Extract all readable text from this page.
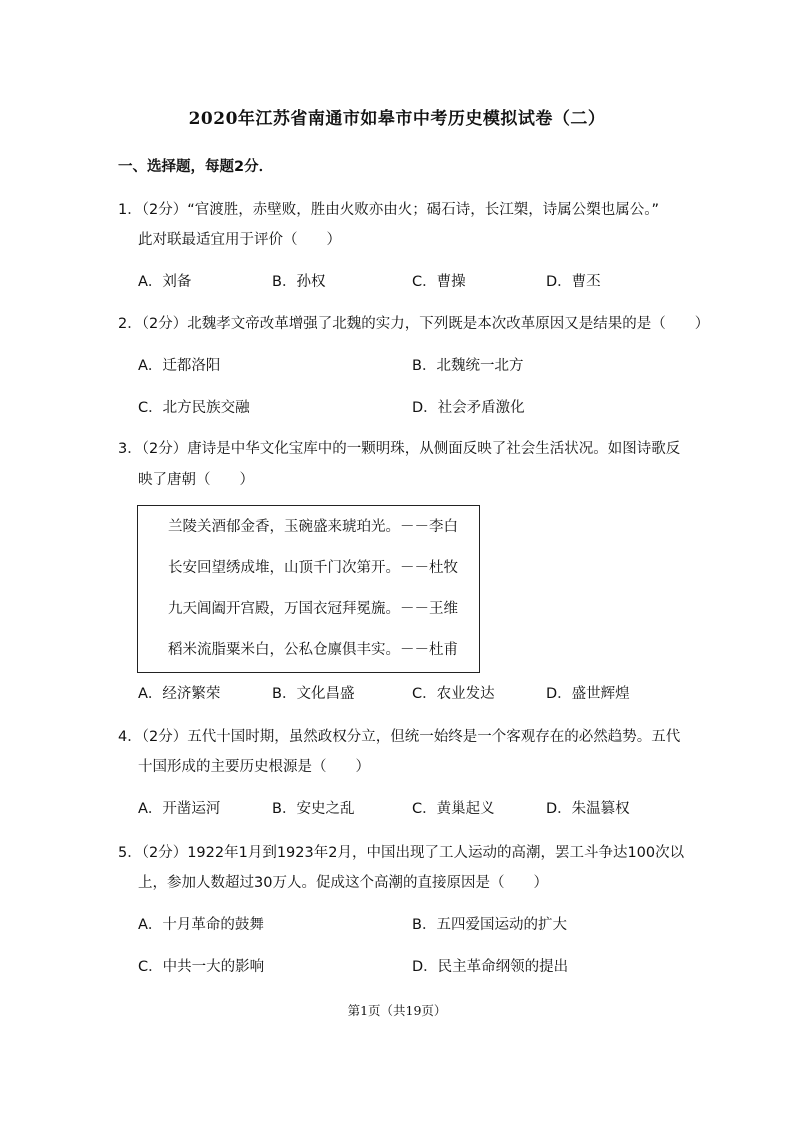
2020年江苏省南通市如皋市中考历史模拟试卷（二）
一、选择题，每题2分．
1．（2分）“官渡胜，赤壁败，胜由火败亦由火；碣石诗，长江槊，诗属公槊也属公。”
此对联最适宜用于评价（　　）
A．刘备	B．孙权	C．曹操	D．曹丕
2．（2分）北魏孝文帝改革增强了北魏的实力，下列既是本次改革原因又是结果的是（　　）
A．迁都洛阳	B．北魏统一北方
C．北方民族交融	D．社会矛盾激化
3．（2分）唐诗是中华文化宝库中的一颗明珠，从侧面反映了社会生活状况。如图诗歌反
映了唐朝（　　）
兰陵关酒郁金香，玉碗盛来琥珀光。－－李白
长安回望绣成堆，山顶千门次第开。－－杜牧
九天阊阖开宫殿，万国衣冠拜冕旒。－－王维
稻米流脂粟米白，公私仓廪俱丰实。－－杜甫
A．经济繁荣	B．文化昌盛	C．农业发达	D．盛世辉煌
4．（2分）五代十国时期，虽然政权分立，但统一始终是一个客观存在的必然趋势。五代
十国形成的主要历史根源是（　　）
A．开凿运河	B．安史之乱	C．黄巢起义	D．朱温篡权
5．（2分）1922年1月到1923年2月，中国出现了工人运动的高潮，罢工斗争达100次以
上，参加人数超过30万人。促成这个高潮的直接原因是（　　）
A．十月革命的鼓舞	B．五四爱国运动的扩大
C．中共一大的影响	D．民主革命纲领的提出
第1页（共19页）
